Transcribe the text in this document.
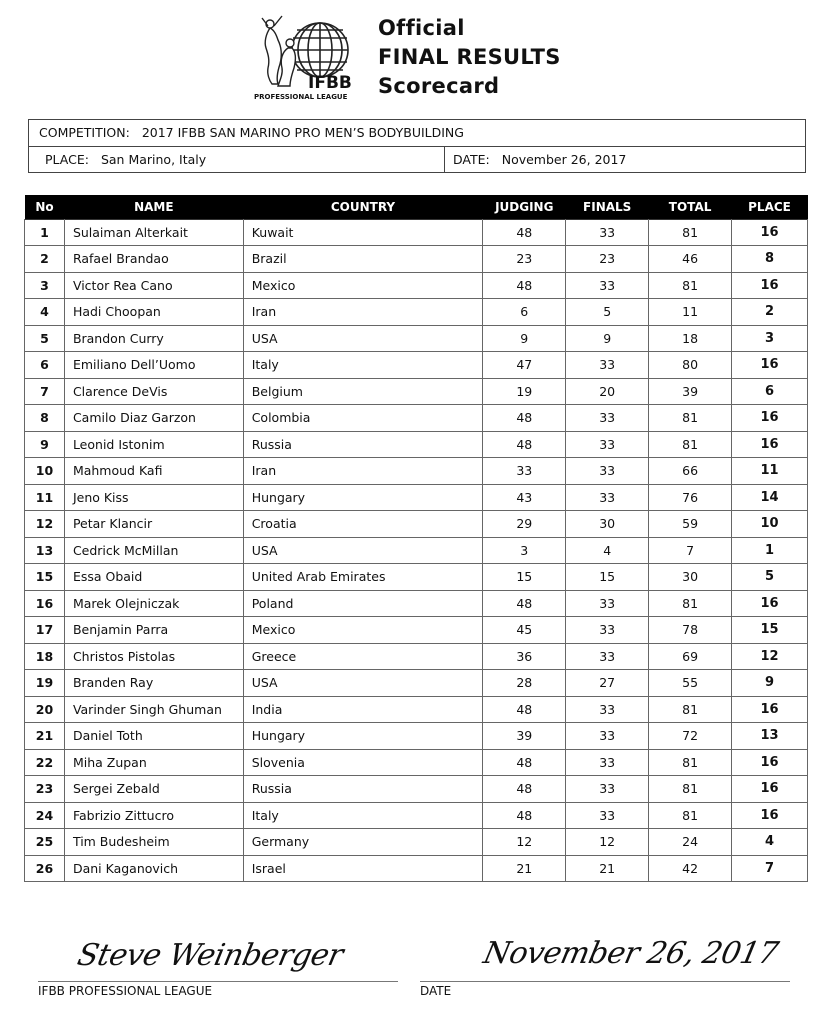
IFBB
PROFESSIONAL LEAGUE
Official
FINAL RESULTS
Scorecard
COMPETITION: 2017 IFBB SAN MARINO PRO MEN’S BODYBUILDING
PLACE: San Marino, Italy	DATE: November 26, 2017
No	NAME	COUNTRY	JUDGING	FINALS	TOTAL	PLACE
1	Sulaiman Alterkait	Kuwait	48	33	81	16
2	Rafael Brandao	Brazil	23	23	46	8
3	Victor Rea Cano	Mexico	48	33	81	16
4	Hadi Choopan	Iran	6	5	11	2
5	Brandon Curry	USA	9	9	18	3
6	Emiliano Dell’Uomo	Italy	47	33	80	16
7	Clarence DeVis	Belgium	19	20	39	6
8	Camilo Diaz Garzon	Colombia	48	33	81	16
9	Leonid Istonim	Russia	48	33	81	16
10	Mahmoud Kafi	Iran	33	33	66	11
11	Jeno Kiss	Hungary	43	33	76	14
12	Petar Klancir	Croatia	29	30	59	10
13	Cedrick McMillan	USA	3	4	7	1
15	Essa Obaid	United Arab Emirates	15	15	30	5
16	Marek Olejniczak	Poland	48	33	81	16
17	Benjamin Parra	Mexico	45	33	78	15
18	Christos Pistolas	Greece	36	33	69	12
19	Branden Ray	USA	28	27	55	9
20	Varinder Singh Ghuman	India	48	33	81	16
21	Daniel Toth	Hungary	39	33	72	13
22	Miha Zupan	Slovenia	48	33	81	16
23	Sergei Zebald	Russia	48	33	81	16
24	Fabrizio Zittucro	Italy	48	33	81	16
25	Tim Budesheim	Germany	12	12	24	4
26	Dani Kaganovich	Israel	21	21	42	7
Steve Weinberger
IFBB PROFESSIONAL LEAGUE
November 26, 2017
DATE
